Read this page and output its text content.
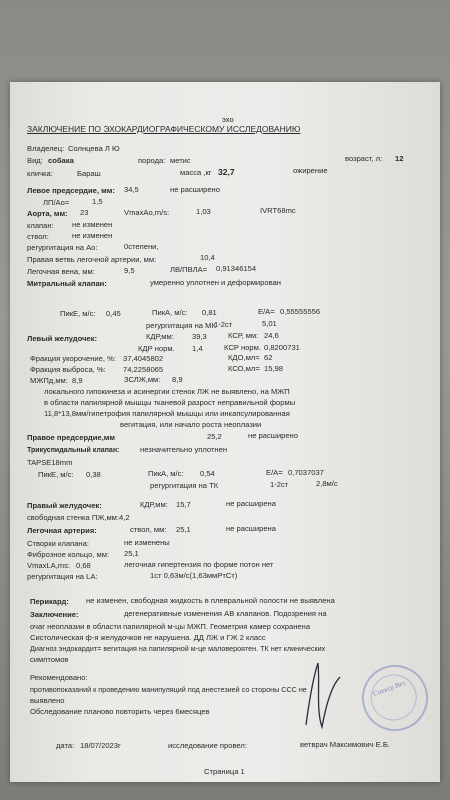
эхо
ЗАКЛЮЧЕНИЕ ПО ЭХОКАРДИОГРАФИЧЕСКОМУ ИССЛЕДОВАНИЮ
Владелец: Солнцева Л Ю
Вид: собака	порода: метис	возраст, л: 12
кличка:	Бараш	масса ,кг 32,7	ожирение
Левое предсердие, мм: 34,5	не расширено
ЛП/Ао=	1,5
Аорта, мм: 23	VmaxAo,m/s:	1,03	IVRT68mc
клапан: не изменен
ствол:	не изменен
регургитация на Ao:	0степени,
Правая ветвь легочной артерии, мм:	10,4
Легочная вена, мм:	9,5	ЛВ/ПВЛА= 0,91346154
Митральный клапан:	умеренно уплотнен и деформирован
ПикЕ, м/с: 0,45	ПикА, м/с: 0,81	E/A= 0,55555556
регургитация на МК
1-2ст	5,01
Левый желудочек:	КДР,мм: 39,3	КСР, мм: 24,6
КДР норм. 1,4	КСР норм. 0,8200731
Фракция укорочение, %: 37,4045802	КДО,мл= 62
Фракция выброса, %: 74,2258065	КСО,мл= 15,98
МЖПд,мм: 8,9	ЗСЛЖ,мм: 8,9
локального гипокинеза и асинергии стенок ЛЖ не выявлено, на МЖП
в области папилярной мышцы тканевой разрост неправильной формы
11,8*13,8мм/гипетрофия папилярной мышцы или инкапсулированная
вегитация, или начало роста неоплазии
Правое предсердие,мм	25,2	не расширено
Трикуспидальный клапан:	незначительно уплотнен
TAPSE18mm
ПикЕ, м/с: 0,38	ПикА, м/с: 0,54	E/A= 0,7037037
регургитация на ТК	1-2ст	2,8м/с
Правый желудочек:	КДР,мм: 15,7	не расширена
свободная стенка ПЖ,мм:4,2
Легочная артерия:	ствол, мм: 25,1	не расширена
Створки клапана:	не изменены
Фиброзное кольцо, мм: 25,1
VmaxLA,ms: 0,68	легочная гипертензия по форме потон нет
регургитация на LA:	1ст 0,63м/с(1,63ммРтСт)
Перикард: не изменен, свободная жидкость в плевральной полости не выявлена
Заключение:	дегенеративные изменения АВ клапанов. Подозрения на
очаг неоплазии в области папилярной м-цы МЖП. Геометрия камер сохранена
Систолическая ф-я желудочков не нарушена. ДД ЛЖ и ГЖ 2 класс
Диагноз эндокардит= вегитация на папилярной м-це маловероятен. ТК нет клинических
симптомов
Рекомендовано:
противопоказаний к проведению манипуляций под анестезией со стороны ССС не
выявлено
Обследование планово повторить через 6месяцев
дата: 18/07/2023г	исследование провел:	ветврач Максимович Е.Б.
Страница 1
Спектр Вет
